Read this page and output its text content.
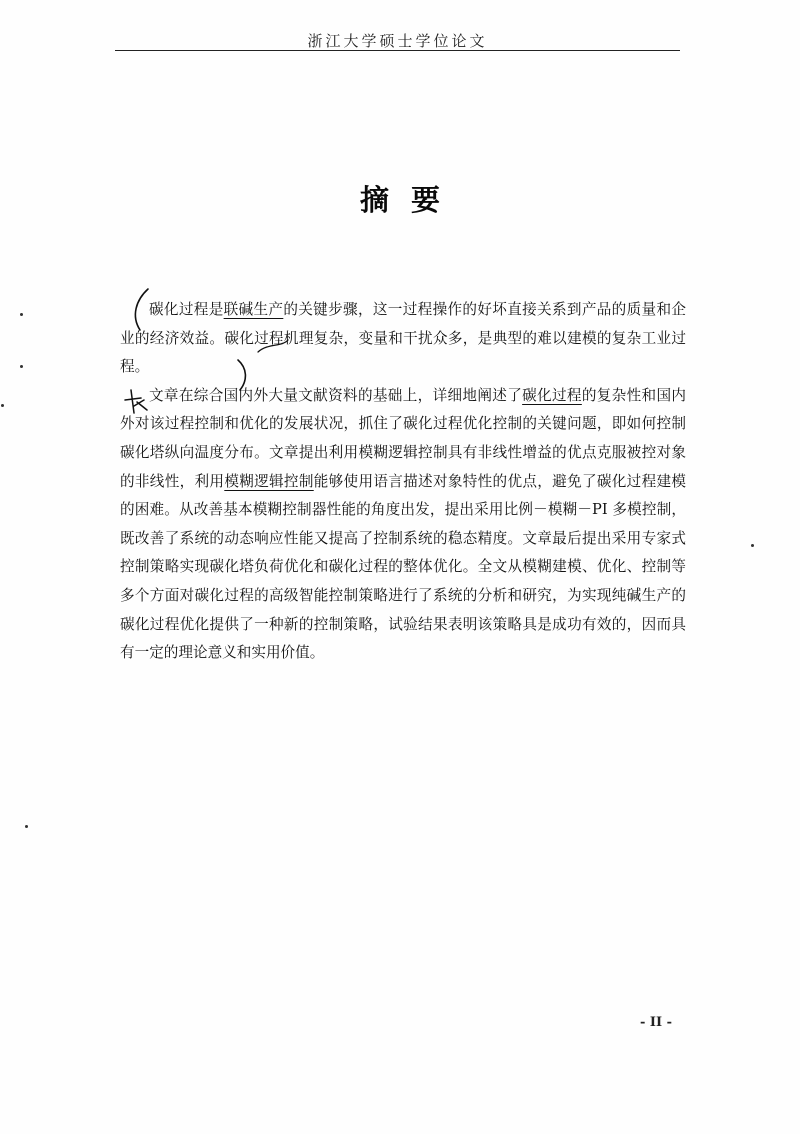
浙江大学硕士学位论文
摘要

碳化过程是联碱生产的关键步骤，这一过程操作的好坏直接关系到产品的质量和企业的经济效益。碳化过程机理复杂，变量和干扰众多，是典型的难以建模的复杂工业过程。

文章在综合国内外大量文献资料的基础上，详细地阐述了碳化过程的复杂性和国内外对该过程控制和优化的发展状况，抓住了碳化过程优化控制的关键问题，即如何控制碳化塔纵向温度分布。文章提出利用模糊逻辑控制具有非线性增益的优点克服被控对象的非线性，利用模糊逻辑控制能够使用语言描述对象特性的优点，避免了碳化过程建模的困难。从改善基本模糊控制器性能的角度出发，提出采用比例－模糊－PI 多模控制，既改善了系统的动态响应性能又提高了控制系统的稳态精度。文章最后提出采用专家式控制策略实现碳化塔负荷优化和碳化过程的整体优化。全文从模糊建模、优化、控制等多个方面对碳化过程的高级智能控制策略进行了系统的分析和研究，为实现纯碱生产的碳化过程优化提供了一种新的控制策略，试验结果表明该策略具是成功有效的，因而具有一定的理论意义和实用价值。

- II -
